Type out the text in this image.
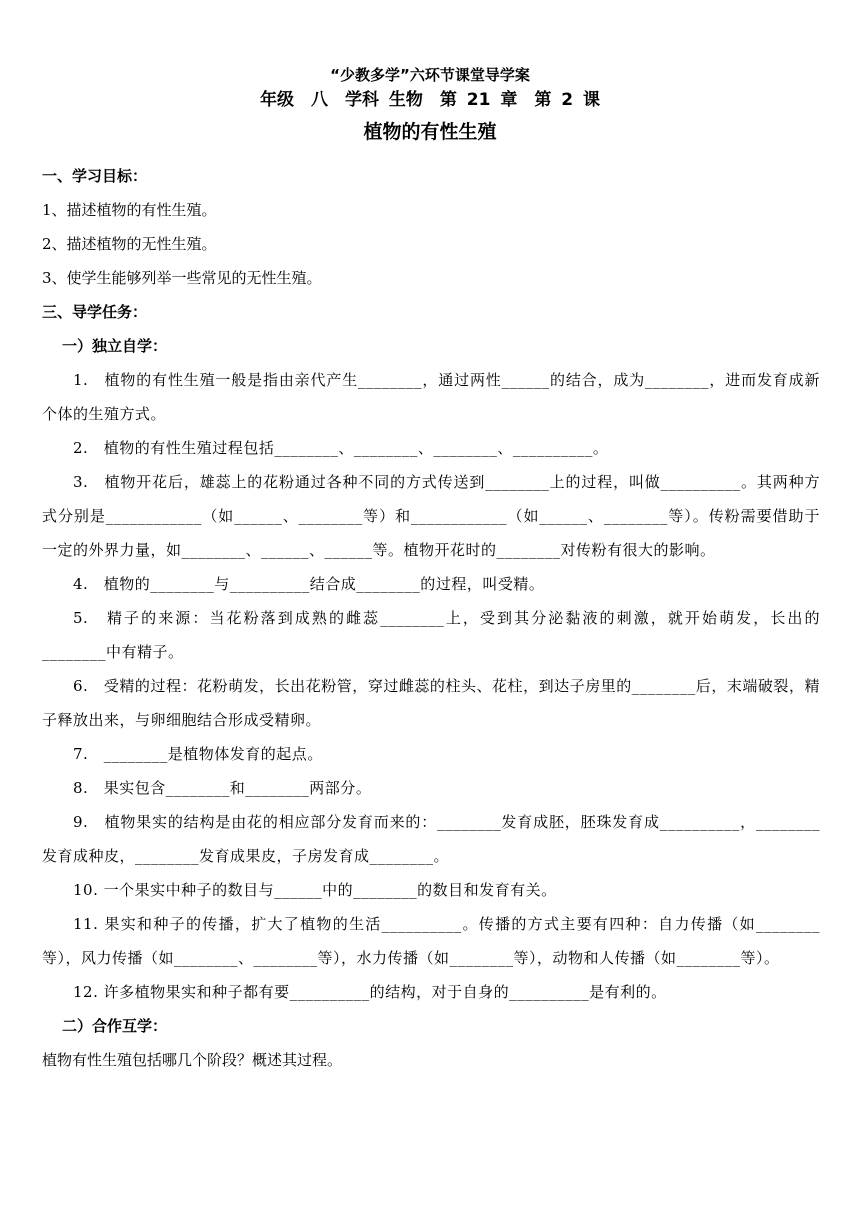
“少教多学”六环节课堂导学案
年级　八　学科 生物　第 21 章　第 2 课
植物的有性生殖

一、学习目标：

1、描述植物的有性生殖。

2、描述植物的无性生殖。

3、使学生能够列举一些常见的无性生殖。

三、导学任务：

一）独立自学：

1.　植物的有性生殖一般是指由亲代产生________，通过两性______的结合，成为________，进而发育成新个体的生殖方式。

2.　植物的有性生殖过程包括________、________、________、__________。

3.　植物开花后，雄蕊上的花粉通过各种不同的方式传送到________上的过程，叫做__________。其两种方式分别是____________（如______、________等）和____________（如______、________等）。传粉需要借助于一定的外界力量，如________、______、______等。植物开花时的________对传粉有很大的影响。

4.　植物的________与__________结合成________的过程，叫受精。

5.　精子的来源：当花粉落到成熟的雌蕊________上，受到其分泌黏液的刺激，就开始萌发，长出的________中有精子。

6.　受精的过程：花粉萌发，长出花粉管，穿过雌蕊的柱头、花柱，到达子房里的________后，末端破裂，精子释放出来，与卵细胞结合形成受精卵。

7.　________是植物体发育的起点。

8.　果实包含________和________两部分。

9.　植物果实的结构是由花的相应部分发育而来的：________发育成胚，胚珠发育成__________，________发育成种皮，________发育成果皮，子房发育成________。

10. 一个果实中种子的数目与______中的________的数目和发育有关。

11. 果实和种子的传播，扩大了植物的生活__________。传播的方式主要有四种：自力传播（如________等），风力传播（如________、________等），水力传播（如________等），动物和人传播（如________等）。

12. 许多植物果实和种子都有要__________的结构，对于自身的__________是有利的。

二）合作互学：

植物有性生殖包括哪几个阶段？概述其过程。
